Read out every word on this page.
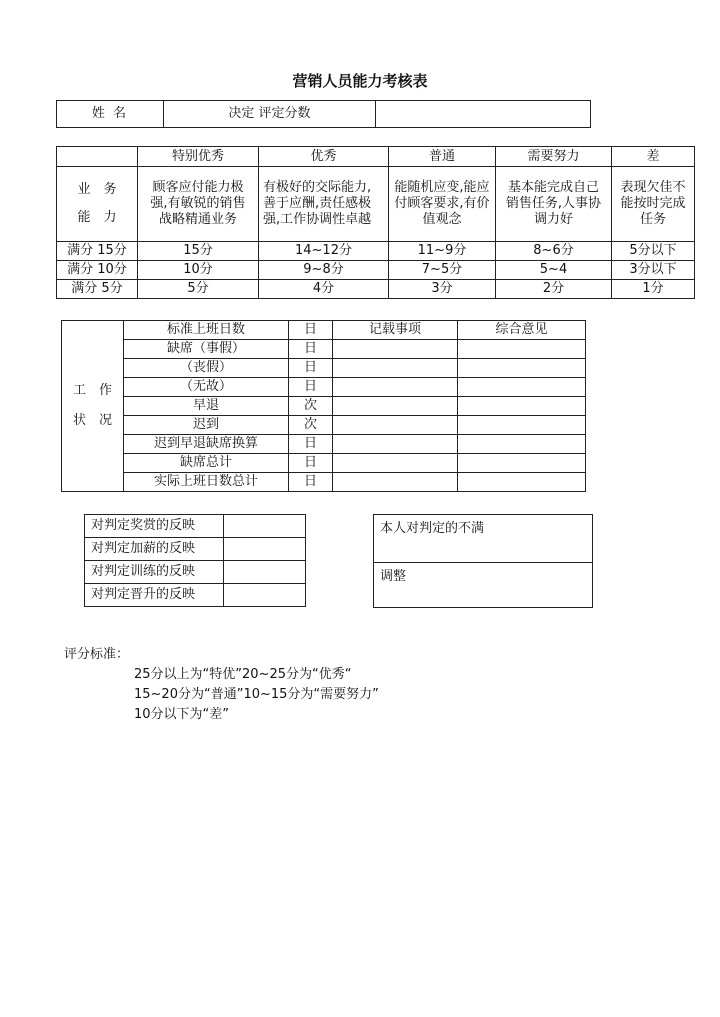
营销人员能力考核表
姓 名	决定 评定分数	
	特别优秀	优秀	普通	需要努力	差

业　务
能　力	顾客应付能力极强,有敏锐的销售战略精通业务	有极好的交际能力,善于应酬,责任感极强,工作协调性卓越	能随机应变,能应付顾客要求,有价值观念	基本能完成自己销售任务,人事协调力好	表现欠佳不能按时完成任务
满分 15分	15分	14~12分	11~9分	8~6分	5分以下
满分 10分	10分	9~8分	7~5分	5~4	3分以下
满分 5分	5分	4分	3分	2分	1分
工　作
状　况	标准上班日数	日	记载事项	综合意见
	缺席（事假）	日		
	（丧假）	日		
	（无故）	日		
	早退	次		
	迟到	次		
	迟到早退缺席换算	日		
	缺席总计	日		
	实际上班日数总计	日		
对判定奖赏的反映	
对判定加薪的反映	
对判定训练的反映	
对判定晋升的反映	
本人对判定的不满
调整
评分标准：
25分以上为“特优”20~25分为“优秀“
15~20分为“普通”10~15分为“需要努力”
10分以下为“差”
